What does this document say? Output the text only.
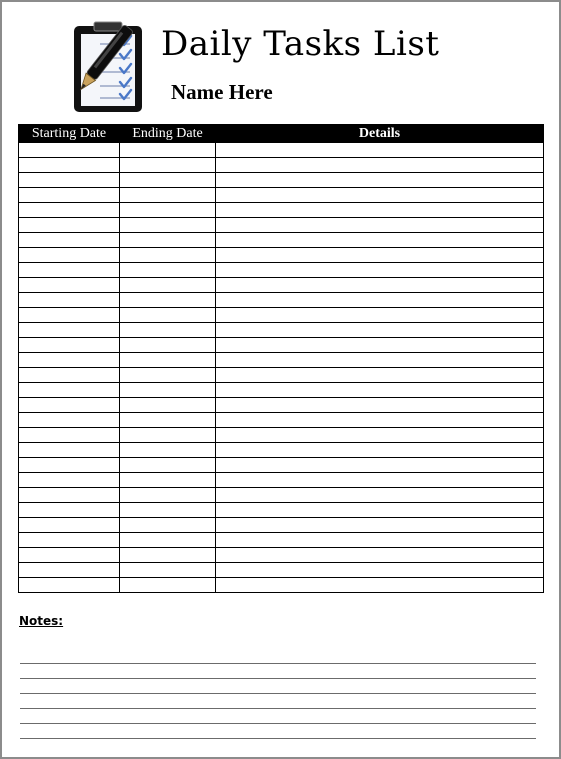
Daily Tasks List
Name Here
Starting Date	Ending Date	Details

Notes:
